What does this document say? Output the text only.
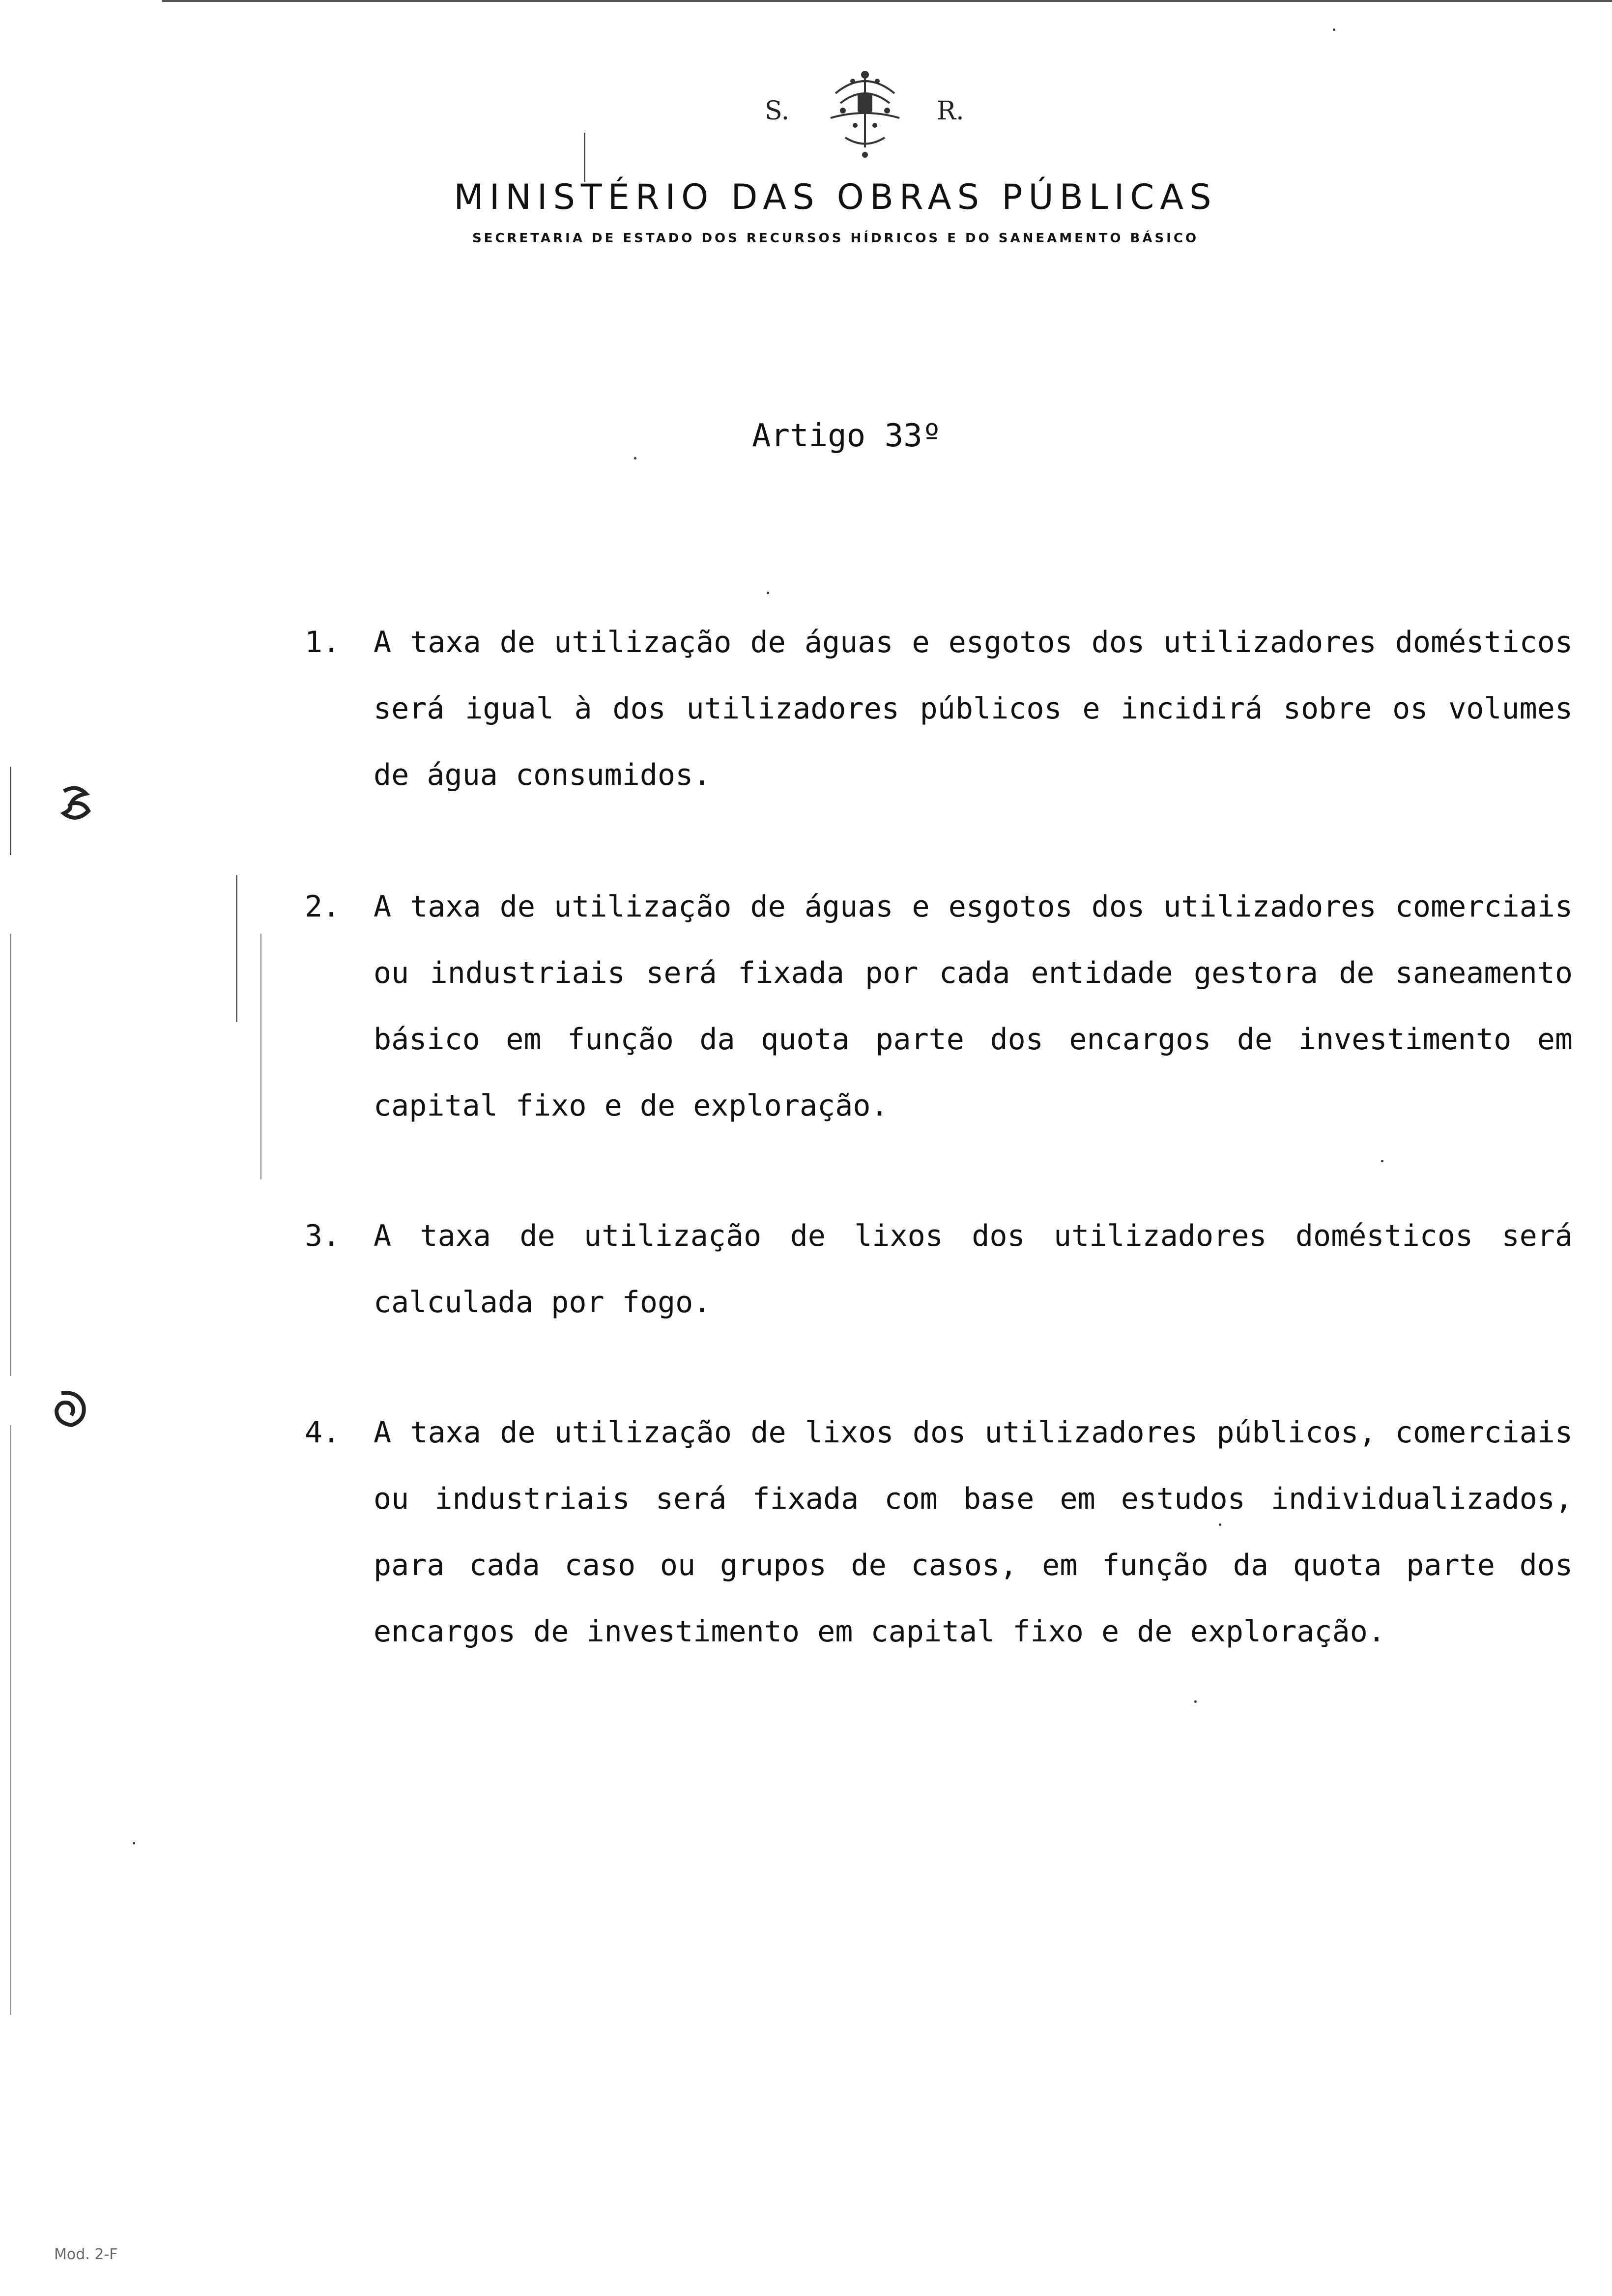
S.	R.
MINISTÉRIO DAS OBRAS PÚBLICAS
SECRETARIA DE ESTADO DOS RECURSOS HÍDRICOS E DO SANEAMENTO BÁSICO
Artigo 33º
1.	A taxa de utilização de águas e esgotos dos utilizadores domésticos será igual à dos utilizadores públicos e incidirá sobre os volumes de água consumidos.
2.	A taxa de utilização de águas e esgotos dos utilizadores comerciais ou industriais será fixada por cada entidade gestora de saneamento básico em função da quota parte dos encargos de investimento em capital fixo e de exploração.
3.	A taxa de utilização de lixos dos utilizadores domésticos será calculada por fogo.
4.	A taxa de utilização de lixos dos utilizadores públicos, comerciais ou industriais será fixada com base em estudos individualizados, para cada caso ou grupos de casos, em função da quota parte dos encargos de investimento em capital fixo e de exploração.
Mod. 2-F
